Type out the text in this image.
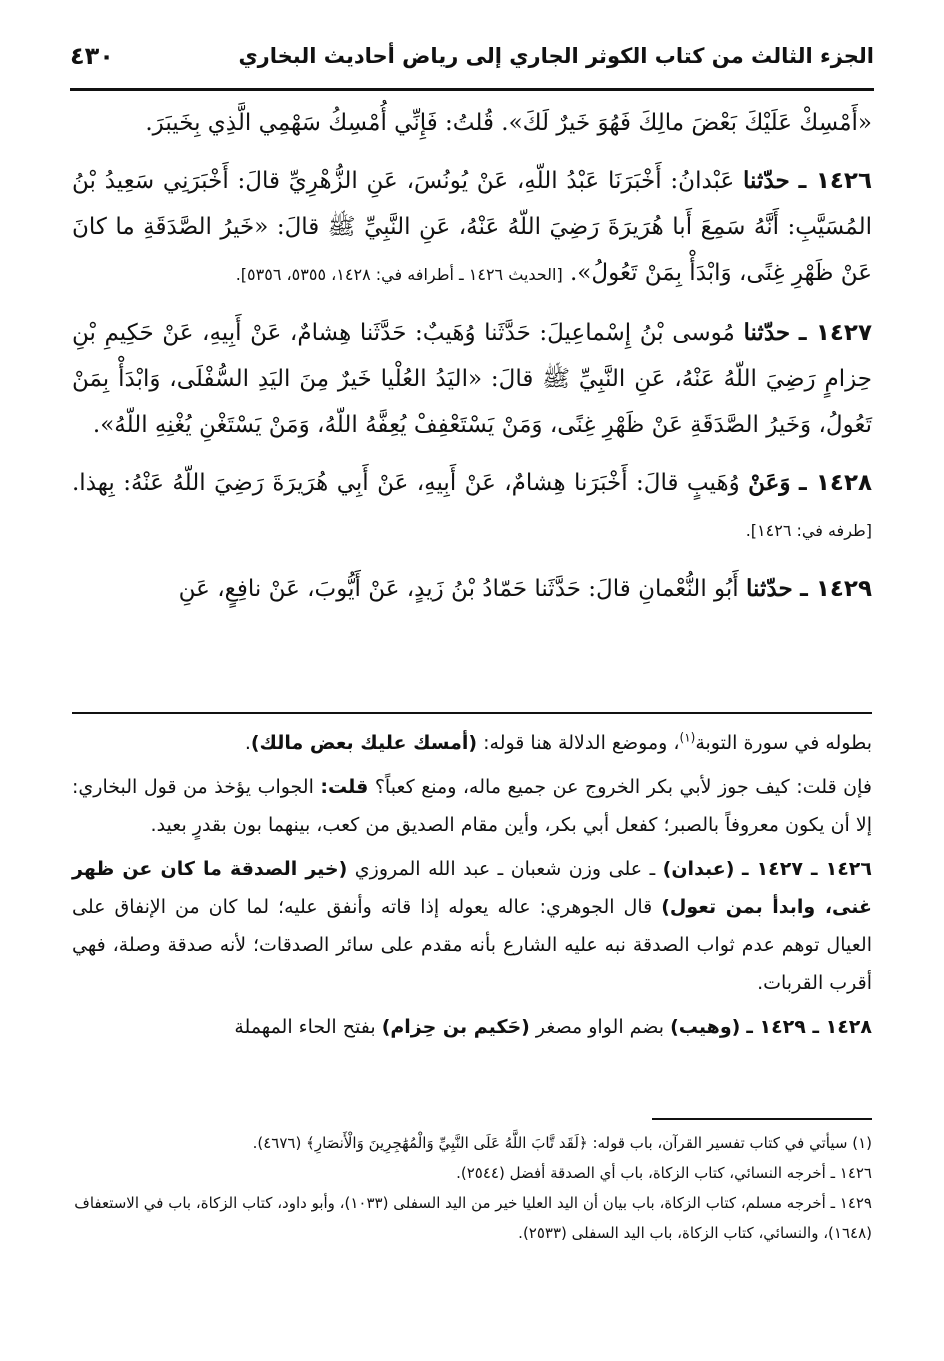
الجزء الثالث من كتاب الكوثر الجاري إلى رياض أحاديث البخاري
٤٣٠

«أَمْسِكْ عَلَيْكَ بَعْضَ مالِكَ فَهُوَ خَيرٌ لَكَ». قُلتُ: فَإِنِّي أُمْسِكُ سَهْمِي الَّذِي بِخَيبَرَ.

١٤٢٦ ـ حدّثنا عَبْدانُ: أَخْبَرَنَا عَبْدُ اللّهِ، عَنْ يُونُسَ، عَنِ الزُّهْرِيِّ قالَ: أَخْبَرَنِي سَعِيدُ بْنُ المُسَيَّبِ: أَنَّهُ سَمِعَ أَبا هُرَيرَةَ رَضِيَ اللّهُ عَنْهُ، عَنِ النَّبِيِّ ﷺ قالَ: «خَيرُ الصَّدَقَةِ ما كانَ عَنْ ظَهْرِ غِنًى، وَابْدَأْ بِمَنْ تَعُولُ». [الحديث ١٤٢٦ ـ أطرافه في: ١٤٢٨، ٥٣٥٥، ٥٣٥٦].

١٤٢٧ ـ حدّثنا مُوسى بْنُ إِسْماعِيلَ: حَدَّثَنا وُهَيبٌ: حَدَّثَنا هِشامٌ، عَنْ أَبِيهِ، عَنْ حَكِيمِ بْنِ حِزامٍ رَضِيَ اللّهُ عَنْهُ، عَنِ النَّبِيِّ ﷺ قالَ: «اليَدُ العُلْيا خَيرٌ مِنَ اليَدِ السُّفْلَى، وَابْدَأْ بِمَنْ تَعُولُ، وَخَيرُ الصَّدَقَةِ عَنْ ظَهْرِ غِنًى، وَمَنْ يَسْتَعْفِفْ يُعِفَّهُ اللّهُ، وَمَنْ يَسْتَغْنِ يُغْنِهِ اللّهُ».

١٤٢٨ ـ وَعَنْ وُهَيبٍ قالَ: أَخْبَرَنا هِشامٌ، عَنْ أَبِيهِ، عَنْ أَبِي هُرَيرَةَ رَضِيَ اللّهُ عَنْهُ: بِهذا. [طرفه في: ١٤٢٦].

١٤٢٩ ـ حدّثنا أَبُو النُّعْمانِ قالَ: حَدَّثَنا حَمّادُ بْنُ زَيدٍ، عَنْ أَيُّوبَ، عَنْ نافِعٍ، عَنِ

بطوله في سورة التوبة$^{(١)}$، وموضع الدلالة هنا قوله: (أمسك عليك بعض مالك).

فإن قلت: كيف جوز لأبي بكر الخروج عن جميع ماله، ومنع كعباً؟ قلت: الجواب يؤخذ من قول البخاري: إلا أن يكون معروفاً بالصبر؛ كفعل أبي بكر، وأين مقام الصديق من كعب، بينهما بون بقدرٍ بعيد.

١٤٢٦ ـ ١٤٢٧ ـ (عبدان) ـ على وزن شعبان ـ عبد الله المروزي (خير الصدقة ما كان عن ظهر غنى، وابدأ بمن تعول) قال الجوهري: عاله يعوله إذا قاته وأنفق عليه؛ لما كان من الإنفاق على العيال توهم عدم ثواب الصدقة نبه عليه الشارع بأنه مقدم على سائر الصدقات؛ لأنه صدقة وصلة، فهي أقرب القربات.

١٤٢٨ ـ ١٤٢٩ ـ (وهيب) بضم الواو مصغر (حَكيم بن حِزام) بفتح الحاء المهملة

(١) سيأتي في كتاب تفسير القرآن، باب قوله: ﴿لَقَد تَّابَ اللَّهُ عَلَى النَّبِيِّ وَالْمُهَٰجِرِينَ وَالْأَنصَارِ﴾ (٤٦٧٦).

١٤٢٦ ـ أخرجه النسائي، كتاب الزكاة، باب أي الصدقة أفضل (٢٥٤٤).

١٤٢٩ ـ أخرجه مسلم، كتاب الزكاة، باب بيان أن اليد العليا خير من اليد السفلى (١٠٣٣)، وأبو داود، كتاب الزكاة، باب في الاستعفاف (١٦٤٨)، والنسائي، كتاب الزكاة، باب اليد السفلى (٢٥٣٣).
